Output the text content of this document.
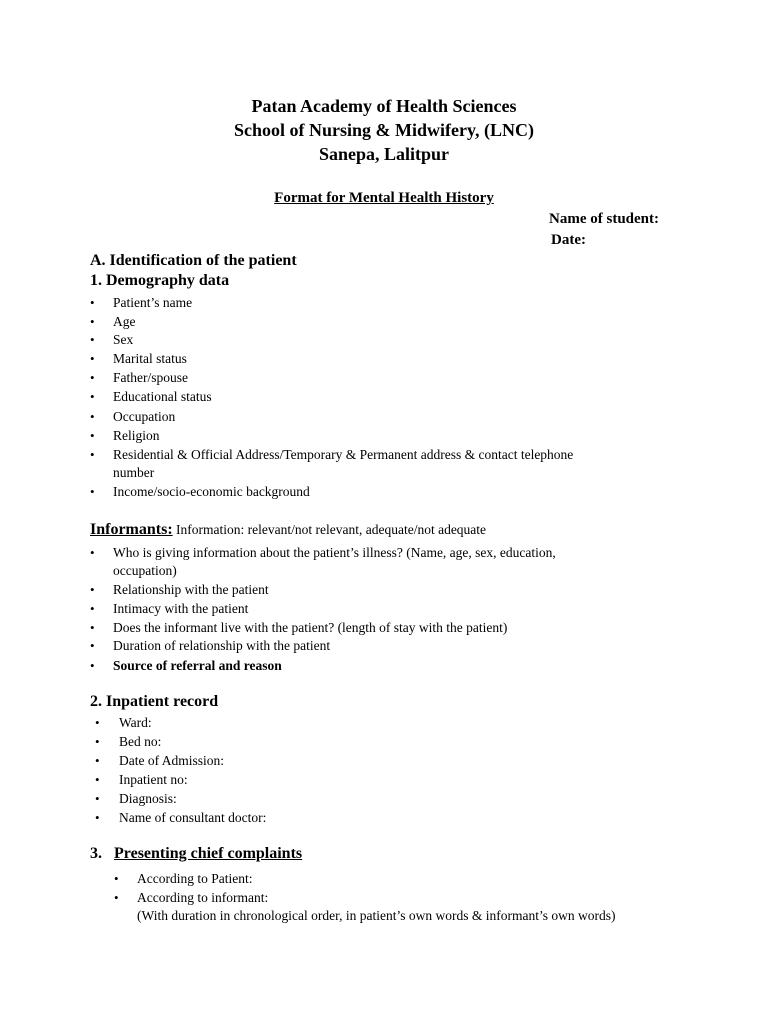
Patan Academy of Health Sciences
School of Nursing & Midwifery, (LNC)
Sanepa, Lalitpur
Format for Mental Health History
Name of student:
Date:
A. Identification of the patient
1. Demography data
• Patient’s name
• Age
• Sex
• Marital status
• Father/spouse
• Educational status
• Occupation
• Religion
• Residential & Official Address/Temporary & Permanent address & contact telephone
number
• Income/socio-economic background
Informants: Information: relevant/not relevant, adequate/not adequate
• Who is giving information about the patient’s illness? (Name, age, sex, education,
occupation)
• Relationship with the patient
• Intimacy with the patient
• Does the informant live with the patient? (length of stay with the patient)
• Duration of relationship with the patient
• Source of referral and reason
2. Inpatient record
• Ward:
• Bed no:
• Date of Admission:
• Inpatient no:
• Diagnosis:
• Name of consultant doctor:
3. Presenting chief complaints
• According to Patient:
• According to informant:
(With duration in chronological order, in patient’s own words & informant’s own words)
